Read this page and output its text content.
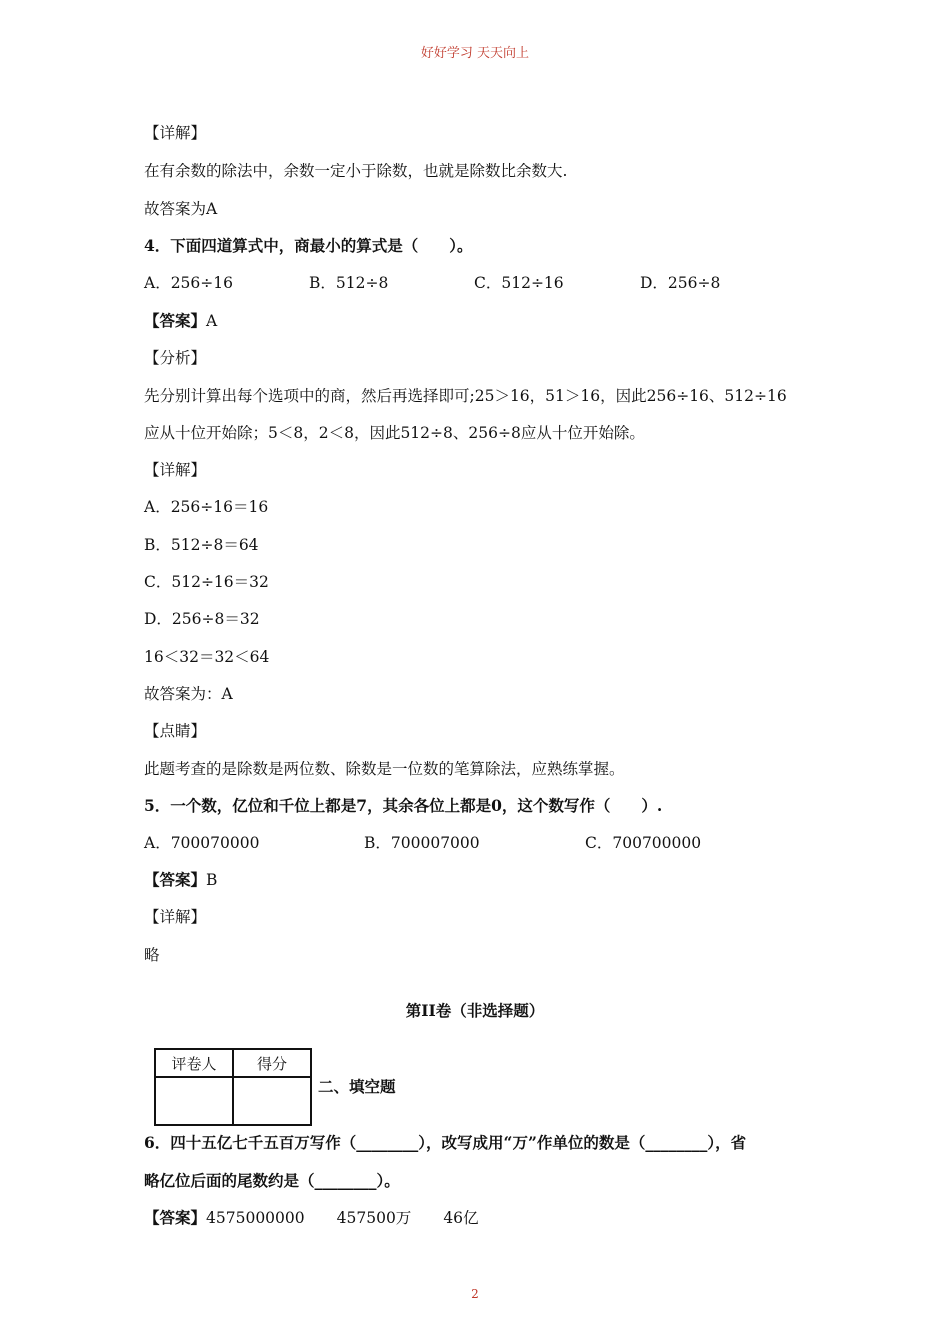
好好学习 天天向上
【详解】
在有余数的除法中，余数一定小于除数，也就是除数比余数大.
故答案为A
4．下面四道算式中，商最小的算式是（　　）。
A．256÷16	B．512÷8	C．512÷16	D．256÷8
【答案】A
【分析】
先分别计算出每个选项中的商，然后再选择即可;25＞16，51＞16，因此256÷16、512÷16
应从十位开始除；5＜8，2＜8，因此512÷8、256÷8应从十位开始除。
【详解】
A．256÷16＝16
B．512÷8＝64
C．512÷16＝32
D．256÷8＝32
16＜32＝32＜64
故答案为：A
【点睛】
此题考查的是除数是两位数、除数是一位数的笔算除法，应熟练掌握。
5．一个数，亿位和千位上都是7，其余各位上都是0，这个数写作（　　）.
A．700070000	B．700007000	C．700700000
【答案】B
【详解】
略
第II卷（非选择题）
评卷人	得分

二、填空题
6．四十五亿七千五百万写作（________），改写成用“万”作单位的数是（________），省
略亿位后面的尾数约是（________）。
【答案】4575000000 457500万 46亿
2
